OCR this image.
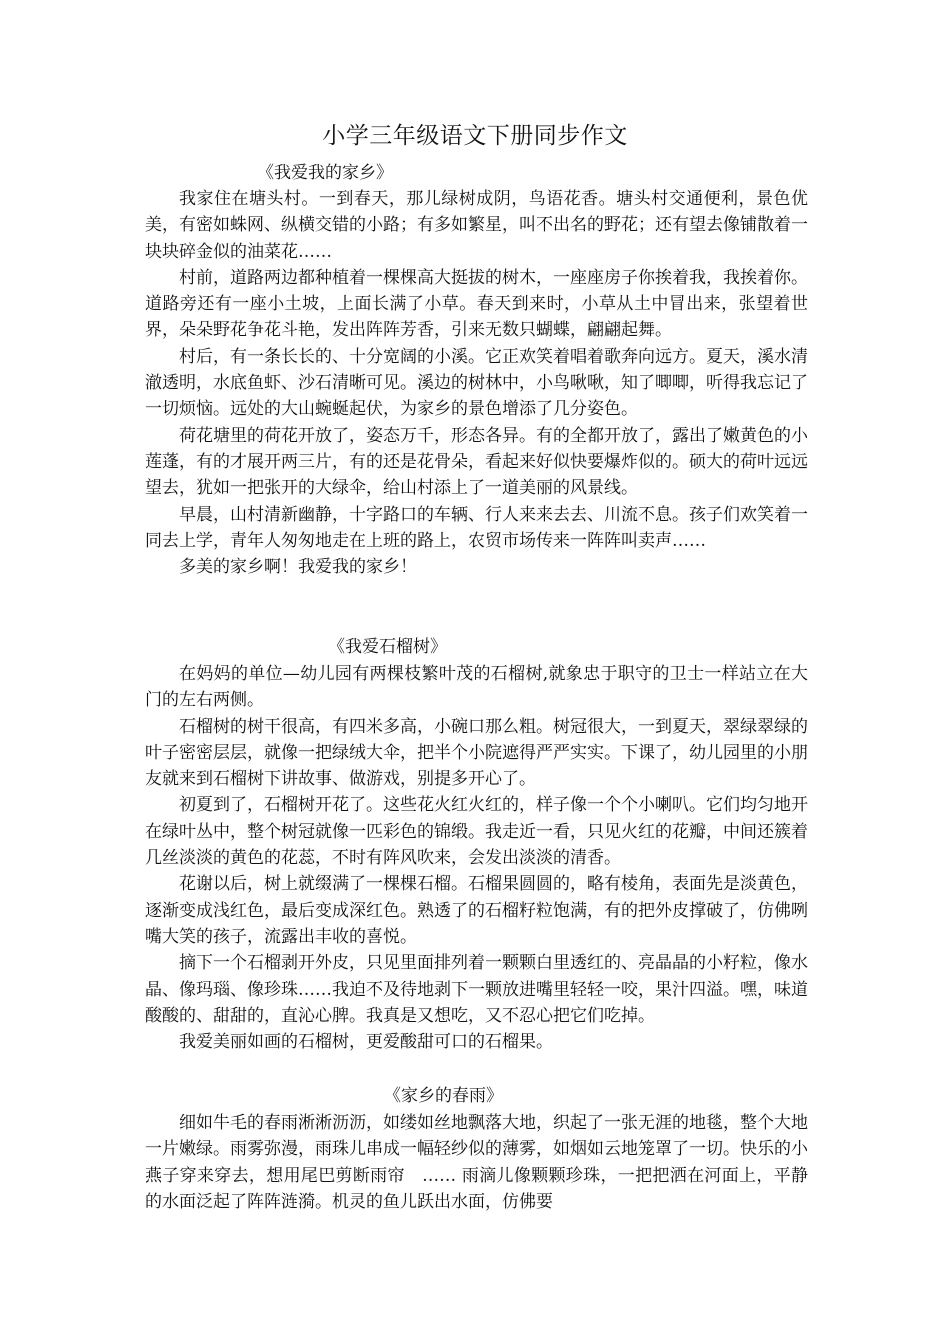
小学三年级语文下册同步作文
《我爱我的家乡》

我家住在塘头村。一到春天，那儿绿树成阴，鸟语花香。塘头村交通便利，景色优美，有密如蛛网、纵横交错的小路；有多如繁星，叫不出名的野花；还有望去像铺散着一块块碎金似的油菜花……

村前，道路两边都种植着一棵棵高大挺拔的树木，一座座房子你挨着我，我挨着你。道路旁还有一座小土坡，上面长满了小草。春天到来时，小草从土中冒出来，张望着世界，朵朵野花争花斗艳，发出阵阵芳香，引来无数只蝴蝶，翩翩起舞。

村后，有一条长长的、十分宽阔的小溪。它正欢笑着唱着歌奔向远方。夏天，溪水清澈透明，水底鱼虾、沙石清晰可见。溪边的树林中，小鸟啾啾，知了唧唧，听得我忘记了一切烦恼。远处的大山蜿蜒起伏，为家乡的景色增添了几分姿色。

荷花塘里的荷花开放了，姿态万千，形态各异。有的全都开放了，露出了嫩黄色的小莲蓬，有的才展开两三片，有的还是花骨朵，看起来好似快要爆炸似的。硕大的荷叶远远望去，犹如一把张开的大绿伞，给山村添上了一道美丽的风景线。

早晨，山村清新幽静，十字路口的车辆、行人来来去去、川流不息。孩子们欢笑着一同去上学，青年人匆匆地走在上班的路上，农贸市场传来一阵阵叫卖声……

多美的家乡啊！我爱我的家乡！

《我爱石榴树》

在妈妈的单位—幼儿园有两棵枝繁叶茂的石榴树,就象忠于职守的卫士一样站立在大门的左右两侧。

石榴树的树干很高，有四米多高，小碗口那么粗。树冠很大，一到夏天，翠绿翠绿的叶子密密层层，就像一把绿绒大伞，把半个小院遮得严严实实。下课了，幼儿园里的小朋友就来到石榴树下讲故事、做游戏，别提多开心了。

初夏到了，石榴树开花了。这些花火红火红的，样子像一个个小喇叭。它们均匀地开在绿叶丛中，整个树冠就像一匹彩色的锦缎。我走近一看，只见火红的花瓣，中间还簇着几丝淡淡的黄色的花蕊，不时有阵风吹来，会发出淡淡的清香。

花谢以后，树上就缀满了一棵棵石榴。石榴果圆圆的，略有棱角，表面先是淡黄色，逐渐变成浅红色，最后变成深红色。熟透了的石榴籽粒饱满，有的把外皮撑破了，仿佛咧嘴大笑的孩子，流露出丰收的喜悦。

摘下一个石榴剥开外皮，只见里面排列着一颗颗白里透红的、亮晶晶的小籽粒，像水晶、像玛瑙、像珍珠……我迫不及待地剥下一颗放进嘴里轻轻一咬，果汁四溢。嘿，味道酸酸的、甜甜的，直沁心脾。我真是又想吃，又不忍心把它们吃掉。

我爱美丽如画的石榴树，更爱酸甜可口的石榴果。

《家乡的春雨》

细如牛毛的春雨淅淅沥沥，如缕如丝地飘落大地，织起了一张无涯的地毯，整个大地一片嫩绿。雨雾弥漫，雨珠儿串成一幅轻纱似的薄雾，如烟如云地笼罩了一切。快乐的小燕子穿来穿去，想用尾巴剪断雨帘　…… 雨滴儿像颗颗珍珠，一把把洒在河面上，平静的水面泛起了阵阵涟漪。机灵的鱼儿跃出水面，仿佛要
